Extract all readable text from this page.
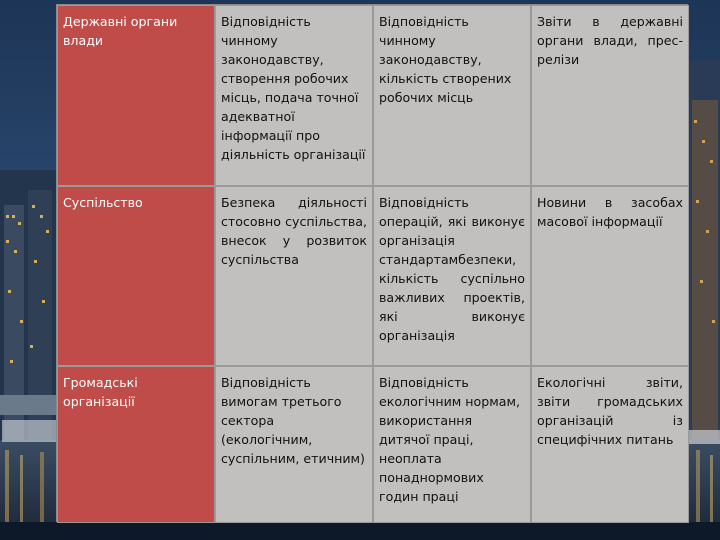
Державні органи влади
Відповідність чинному законодавству, створення робочих місць, подача точної адекватної інформації про діяльність організації
Відповідність чинному законодавству, кількість створених робочих місць
Звіти в державні органи влади, прес-релізи
Суспільство	Безпека діяльності стосовно суспільства, внесок у розвиток суспільства
Відповідність операцій, які виконує організація стандартамбезпеки, кількість суспільно важливих проектів, які виконує організація
Новини в засобах масової інформації
Громадські організації
Відповідність вимогам третього сектора (екологічним, суспільним, етичним)
Відповідність екологічним нормам, використання дитячої праці, неоплата понаднормових годин праці
Екологічні звіти, звіти громадських організацій із специфічних питань
